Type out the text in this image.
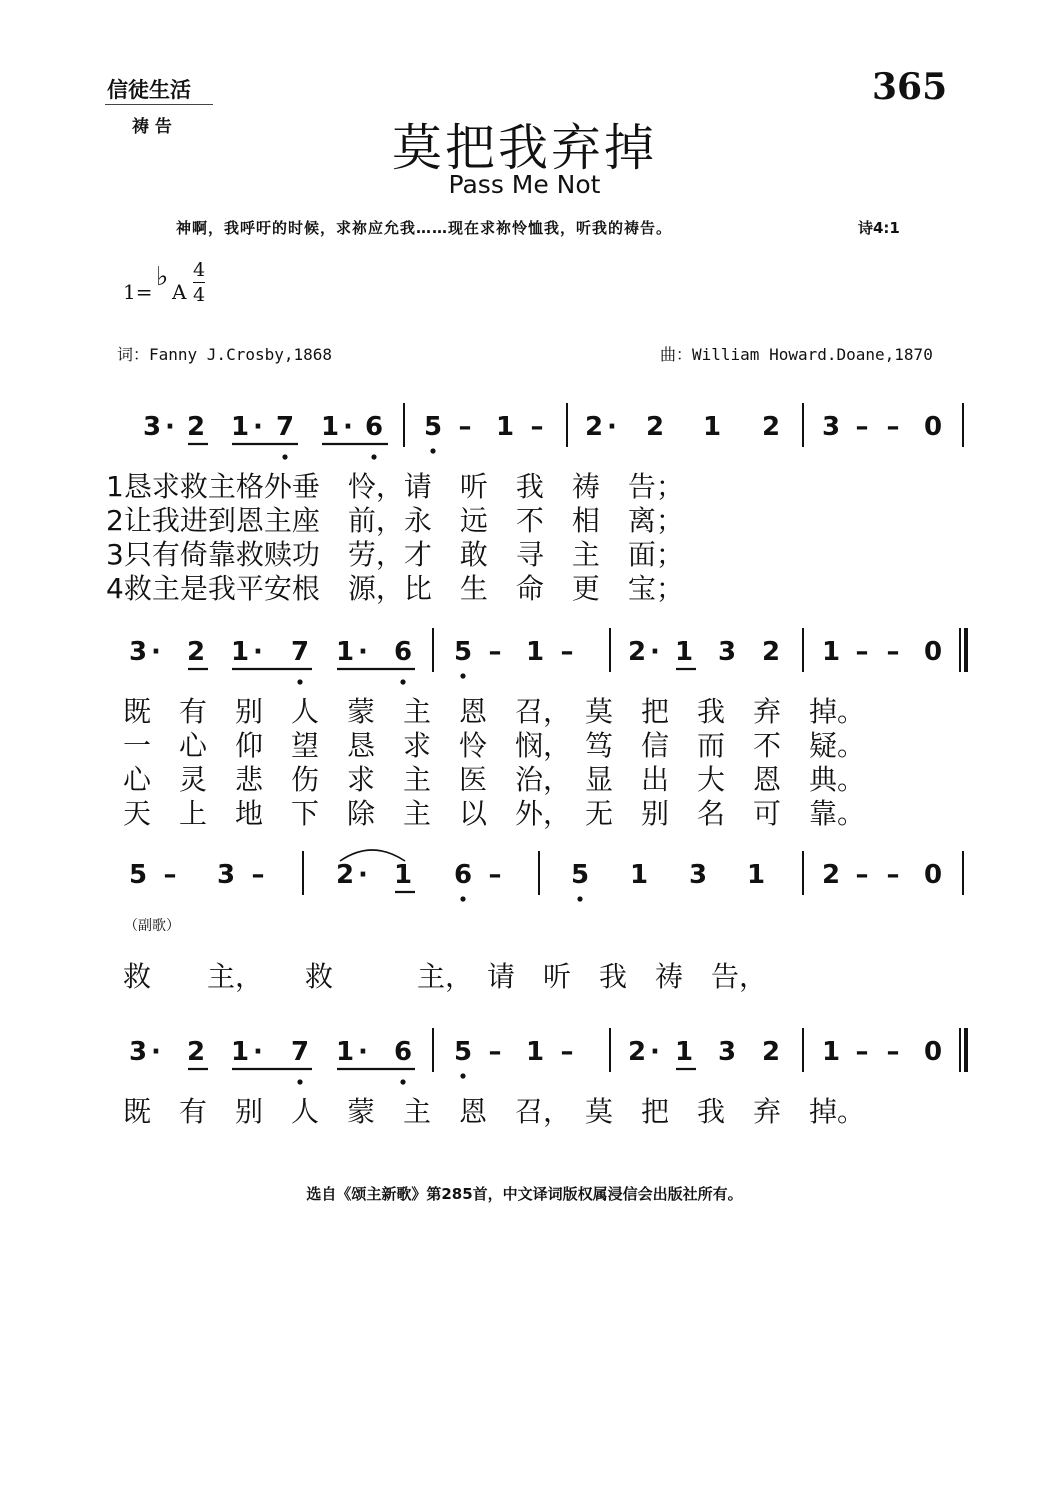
信徒生活
祷 告
365
莫把我弃掉
Pass Me Not
神啊，我呼吁的时候，求祢应允我……现在求祢怜恤我，听我的祷告。	诗4:1
1= ♭ A
4
4
词：Fanny J.Crosby,1868	曲：William Howard.Doane,1870
3 · 2 1 · 7 1 · 6 5 – 1 – 2 · 2 1 2 3 – – 0
1恳求救主格外垂　怜，请　听　我　祷　告；
2让我进到恩主座　前，永　远　不　相　离；
3只有倚靠救赎功　劳，才　敢　寻　主　面；
4救主是我平安根　源，比　生　命　更　宝；
3 · 2 1 · 7 1 · 6 5 – 1 – 2 · 1 3 2 1 – – 0
既　有　别　人　蒙　主　恩　召，　莫　把　我　弃　掉。
一　心　仰　望　恳　求　怜　悯，　笃　信　而　不　疑。
心　灵　悲　伤　求　主　医　治，　显　出　大　恩　典。
天　上　地　下　除　主　以　外，　无　别　名　可　靠。
5 – 3 –	2 · 1 6 –	5 1 3 1 2 – – 0
（副歌）
救　　主，　　救　　　主，　请　听　我　祷　告，
3 · 2 1 · 7 1 · 6 5 – 1 – 2 · 1 3 2 1 – – 0
既　有　别　人　蒙　主　恩　召，　莫　把　我　弃　掉。
选自《颂主新歌》第285首，中文译词版权属浸信会出版社所有。
